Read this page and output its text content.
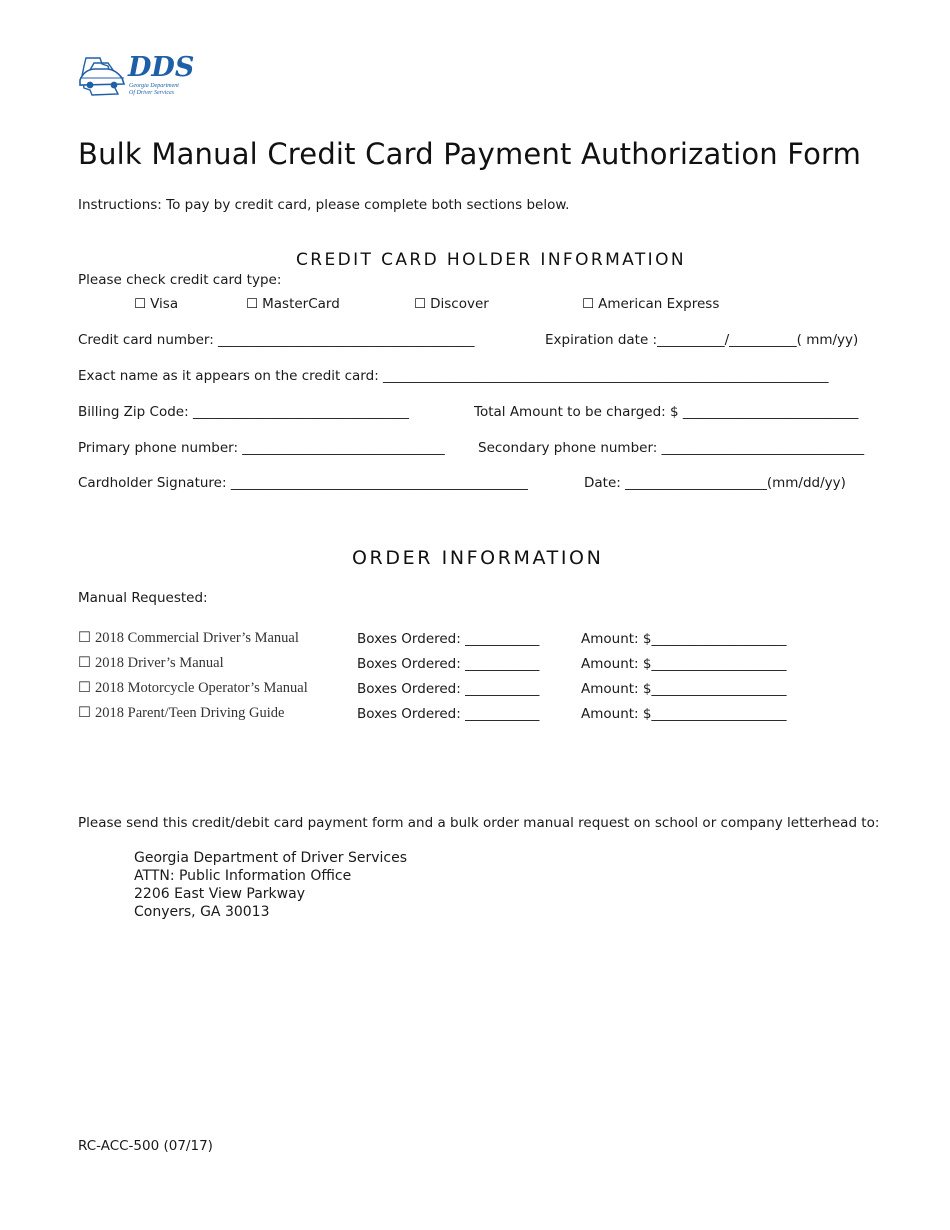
DDS
Georgia Department
Of Driver Services
Bulk Manual Credit Card Payment Authorization Form
Instructions: To pay by credit card, please complete both sections below.
CREDIT CARD HOLDER INFORMATION
Please check credit card type:
☐ Visa	☐ MasterCard	☐ Discover	☐ American Express
Credit card number: ______________________________________	Expiration date :__________/__________( mm/yy)
Exact name as it appears on the credit card: __________________________________________________________________
Billing Zip Code: ________________________________	Total Amount to be charged: $ __________________________
Primary phone number: ______________________________ Secondary phone number: ______________________________
Cardholder Signature: ____________________________________________	Date: _____________________(mm/dd/yy)
ORDER INFORMATION
Manual Requested:
☐ 2018 Commercial Driver’s Manual	Boxes Ordered: ___________	Amount: $____________________
☐ 2018 Driver’s Manual	Boxes Ordered: ___________	Amount: $____________________
☐ 2018 Motorcycle Operator’s Manual	Boxes Ordered: ___________	Amount: $____________________
☐ 2018 Parent/Teen Driving Guide	Boxes Ordered: ___________	Amount: $____________________
Please send this credit/debit card payment form and a bulk order manual request on school or company letterhead to:
Georgia Department of Driver Services
ATTN: Public Information Office
2206 East View Parkway
Conyers, GA 30013
RC-ACC-500 (07/17)
